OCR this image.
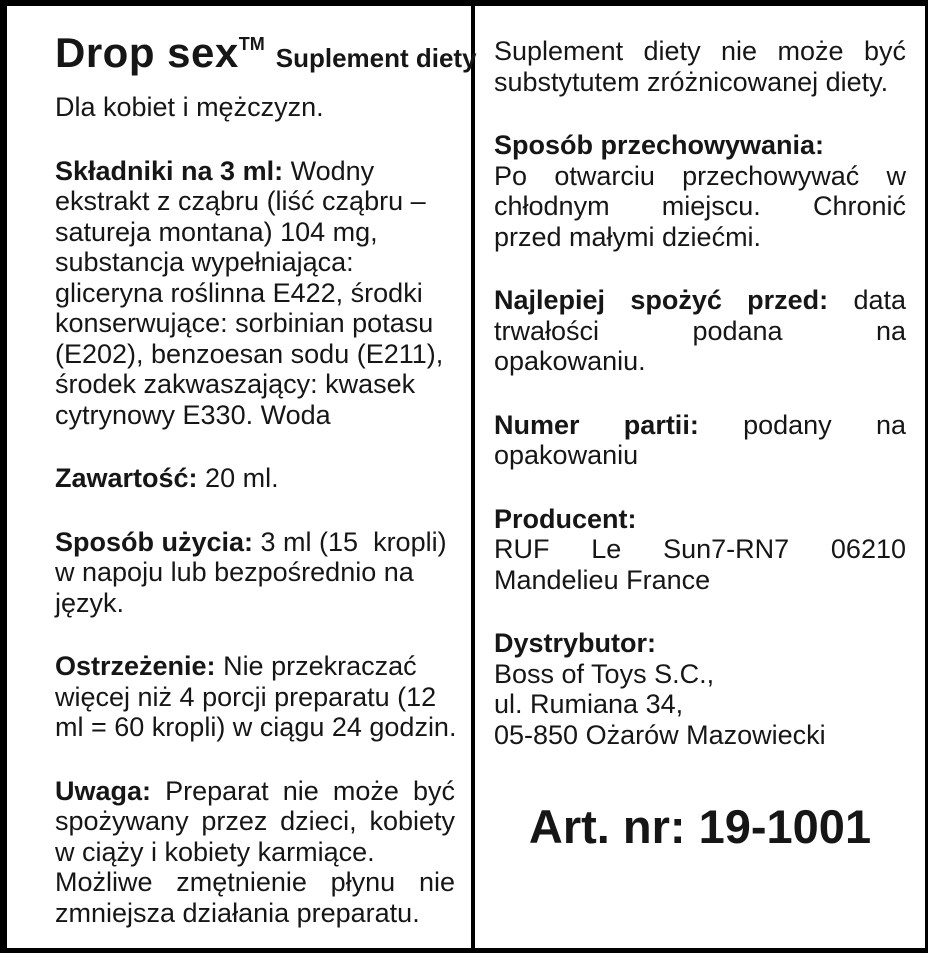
Drop sex™ Suplement diety
Dla kobiet i mężczyzn.
Składniki na 3 ml: Wodny
ekstrakt z cząbru (liść cząbru –
satureja montana) 104 mg,
substancja wypełniająca:
gliceryna roślinna E422, środki
konserwujące: sorbinian potasu
(E202), benzoesan sodu (E211),
środek zakwaszający: kwasek
cytrynowy E330. Woda
Zawartość: 20 ml.
Sposób użycia: 3 ml (15  kropli)
w napoju lub bezpośrednio na
język.
Ostrzeżenie: Nie przekraczać
więcej niż 4 porcji preparatu (12
ml = 60 kropli) w ciągu 24 godzin.
Uwaga: Preparat nie może być
spożywany przez dzieci, kobiety
w ciąży i kobiety karmiące.
Możliwe zmętnienie płynu nie
zmniejsza działania preparatu.
Suplement diety nie może być
substytutem zróżnicowanej diety.
Sposób przechowywania:
Po otwarciu przechowywać w
chłodnym miejscu. Chronić
przed małymi dziećmi.
Najlepiej spożyć przed: data
trwałości podana na
opakowaniu.
Numer partii: podany na
opakowaniu
Producent:
RUF Le Sun7-RN7 06210
Mandelieu France
Dystrybutor:
Boss of Toys S.C.,
ul. Rumiana 34,
05-850 Ożarów Mazowiecki
Art. nr: 19-1001
